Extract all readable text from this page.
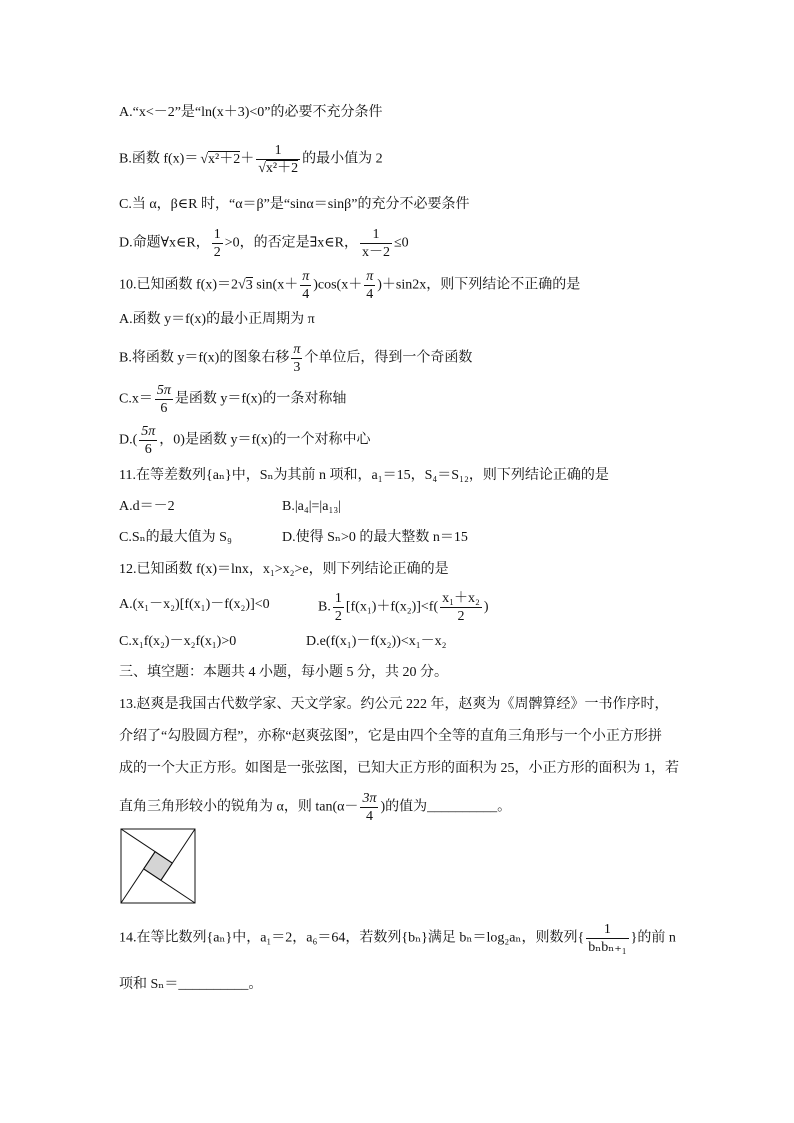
A.“x<－2”是“ln(x＋3)<0”的必要不充分条件
B.函数 $f(x)= √x^2+2+ \frac{1}{\text{√x²＋2}}$ 的最小值为 2
C.当 α，β∈R 时，“α＝β”是“sinα＝sinβ”的充分不必要条件
D.命题∀x∈R， $\frac{1}{2} >0$，的否定是∃x∈R， $\frac{1}{x-2} \le 0$
10.已知函数 f(x)＝2√3 $\sin(x+ \frac{\pi}{4} )\cos(x+ \frac{\pi}{4} )+\sin 2x$，则下列结论不正确的是
A.函数 y＝f(x)的最小正周期为 π
B.将函数 y＝f(x)的图象右移 $\frac{\pi}{3}$ 个单位后，得到一个奇函数
$C.x= \frac{5\pi}{6}$ 是函数 y＝f(x)的一条对称轴
$D.( \frac{5\pi}{6}$ ，0)是函数 y＝f(x)的一个对称中心
11.在等差数列{aₙ}中，Sₙ为其前 n 项和，a₁＝15，S₄＝S₁₂，则下列结论正确的是
A.d＝－2	B.|a₄|=|a₁₃|
C.Sₙ的最大值为 S₉	D.使得 Sₙ>0 的最大整数 n＝15
12.已知函数 f(x)＝lnx，x₁>x₂>e，则下列结论正确的是
A.(x₁－x₂)[f(x₁)－f(x₂)]<0	B. $\frac{1}{2} [f(x_1)+f(x_2)]<f( \frac{\text{x₁＋x₂}}{2}$ )
C.x₁f(x₂)－x₂f(x₁)>0	D.e(f(x₁)－f(x₂))<x₁－x₂
三、填空题：本题共 4 小题，每小题 5 分，共 20 分。
13.赵爽是我国古代数学家、天文学家。约公元 222 年，赵爽为《周髀算经》一书作序时，
介绍了“勾股圆方程”，亦称“赵爽弦图”，它是由四个全等的直角三角形与一个小正方形拼
成的一个大正方形。如图是一张弦图，已知大正方形的面积为 25，小正方形的面积为 1，若
直角三角形较小的锐角为 α，则 $\tan(\alpha- \frac{3\pi}{4}$ )的值为__________。
14.在等比数列{aₙ}中，a₁＝2，a₆＝64，若数列{bₙ}满足 bₙ＝log₂aₙ，则数列{ $\frac{1}{\text{bₙbₙ₊₁}}$ }的前 n
项和 Sₙ＝__________。
